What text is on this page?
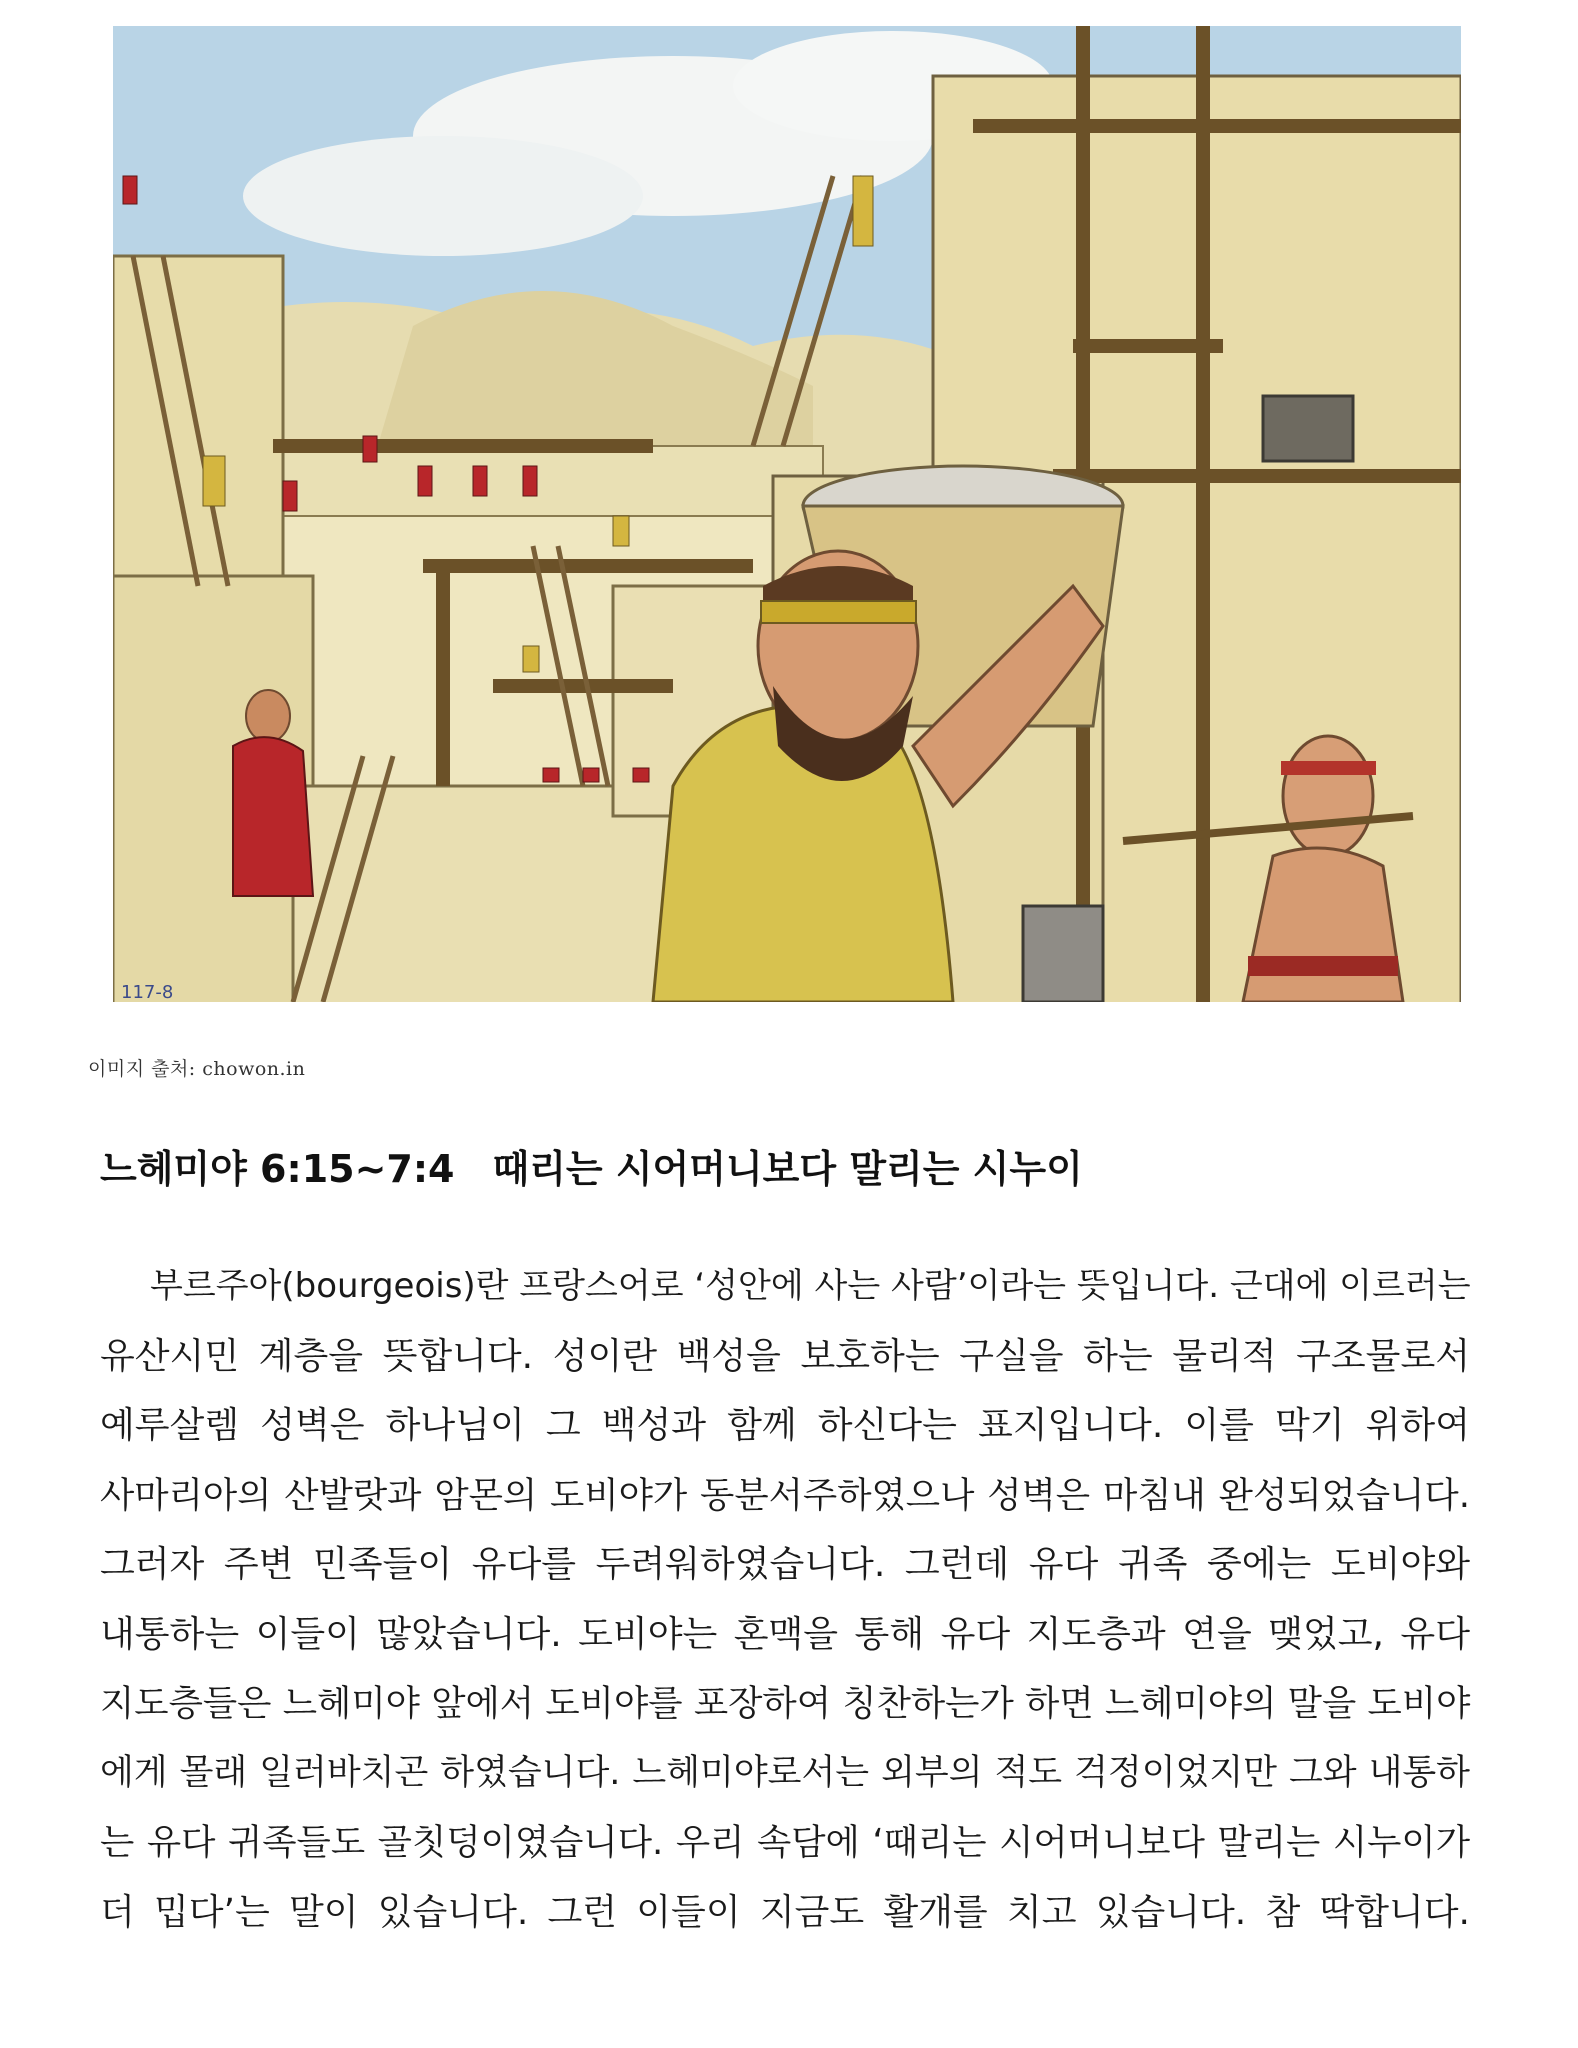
117-8
이미지 출처: chowon.in
느헤미야 6:15~7:4 때리는 시어머니보다 말리는 시누이
부르주아(bourgeois)란 프랑스어로 ‘성안에 사는 사람’이라는 뜻입니다. 근대에 이르러는
유산시민 계층을 뜻합니다. 성이란 백성을 보호하는 구실을 하는 물리적 구조물로서
예루살렘 성벽은 하나님이 그 백성과 함께 하신다는 표지입니다. 이를 막기 위하여
사마리아의 산발랏과 암몬의 도비야가 동분서주하였으나 성벽은 마침내 완성되었습니다.
그러자 주변 민족들이 유다를 두려워하였습니다. 그런데 유다 귀족 중에는 도비야와
내통하는 이들이 많았습니다. 도비야는 혼맥을 통해 유다 지도층과 연을 맺었고, 유다
지도층들은 느헤미야 앞에서 도비야를 포장하여 칭찬하는가 하면 느헤미야의 말을 도비야
에게 몰래 일러바치곤 하였습니다. 느헤미야로서는 외부의 적도 걱정이었지만 그와 내통하
는 유다 귀족들도 골칫덩이였습니다. 우리 속담에 ‘때리는 시어머니보다 말리는 시누이가
더 밉다’는 말이 있습니다. 그런 이들이 지금도 활개를 치고 있습니다. 참 딱합니다.
